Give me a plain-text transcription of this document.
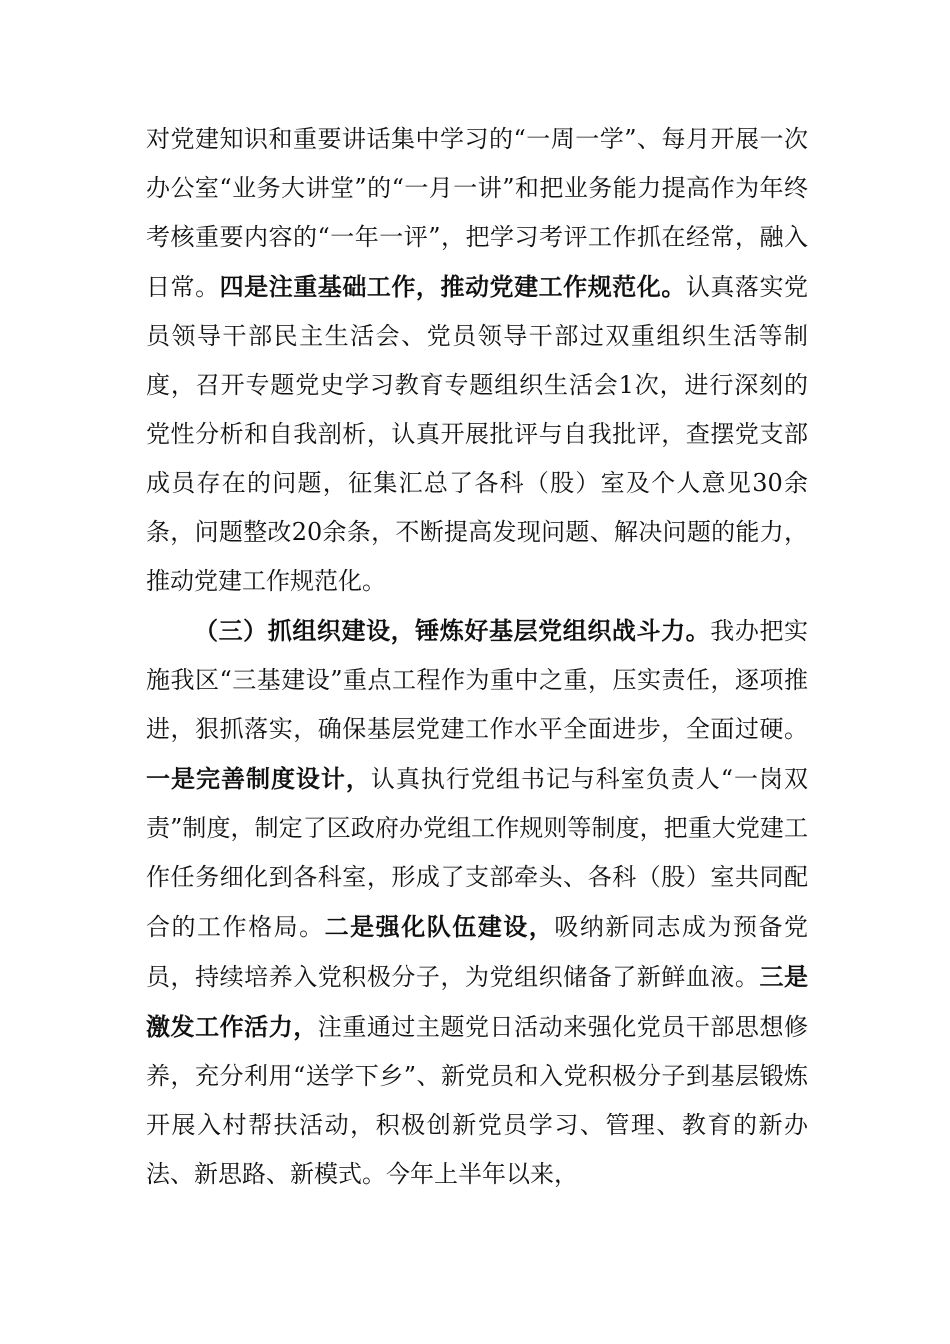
对党建知识和重要讲话集中学习的“一周一学”、每月开展一次办公室“业务大讲堂”的“一月一讲”和把业务能力提高作为年终考核重要内容的“一年一评”，把学习考评工作抓在经常，融入日常。四是注重基础工作，推动党建工作规范化。认真落实党员领导干部民主生活会、党员领导干部过双重组织生活等制度，召开专题党史学习教育专题组织生活会1次，进行深刻的党性分析和自我剖析，认真开展批评与自我批评，查摆党支部成员存在的问题，征集汇总了各科（股）室及个人意见30余条，问题整改20余条，不断提高发现问题、解决问题的能力，推动党建工作规范化。

（三）抓组织建设，锤炼好基层党组织战斗力。我办把实施我区“三基建设”重点工程作为重中之重，压实责任，逐项推进，狠抓落实，确保基层党建工作水平全面进步，全面过硬。一是完善制度设计，认真执行党组书记与科室负责人“一岗双责”制度，制定了区政府办党组工作规则等制度，把重大党建工作任务细化到各科室，形成了支部牵头、各科（股）室共同配合的工作格局。二是强化队伍建设，吸纳新同志成为预备党员，持续培养入党积极分子，为党组织储备了新鲜血液。三是激发工作活力，注重通过主题党日活动来强化党员干部思想修养，充分利用“送学下乡”、新党员和入党积极分子到基层锻炼开展入村帮扶活动，积极创新党员学习、管理、教育的新办法、新思路、新模式。今年上半年以来，
